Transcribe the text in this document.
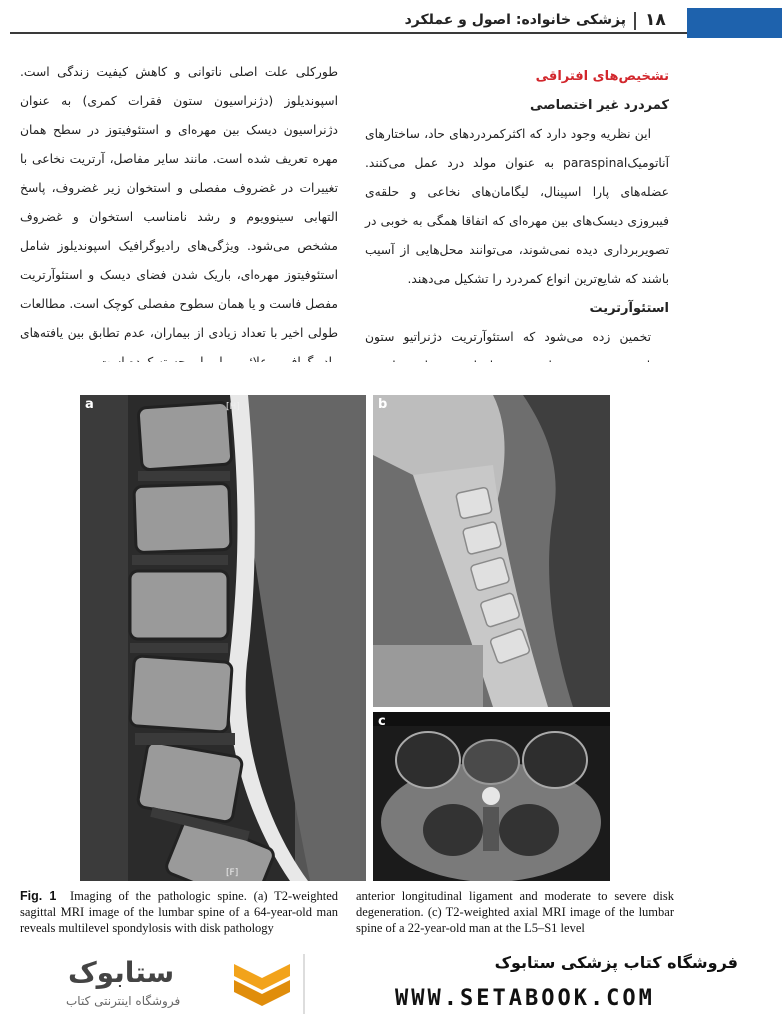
۱۸
پزشکی خانواده: اصول و عملکرد

تشخیص‌های افتراقی

کمردرد غیر اختصاصی

این نظریه وجود دارد که اکثرکمردردهای حاد، ساختارهای آناتومیکparaspinal به عنوان مولد درد عمل می‌کنند. عضله‌های پارا اسپینال، لیگامان‌های نخاعی و حلقه‌ی فیبروزی دیسک‌های بین مهره‌ای که اتفاقا همگی به خوبی در تصویربرداری دیده نمی‌شوند، می‌توانند محل‌هایی از آسیب باشند که شایع‌ترین انواع کمردرد را تشکیل می‌دهند.

استئوآرتریت

تخمین زده می‌شود که استئوآرتریت دژنراتیو ستون

طورکلی علت اصلی ناتوانی و کاهش کیفیت زندگی است. اسپوندیلوز (دژنراسیون ستون فقرات کمری) به عنوان دژنراسیون دیسک بین مهره‌ای و استئوفیتوز در سطح همان مهره تعریف شده است. مانند سایر مفاصل، آرتریت نخاعی با تغییرات در غضروف مفصلی و استخوان زیر غضروف، پاسخ التهابی سینوویوم و رشد نامناسب استخوان و غضروف مشخص می‌شود. ویژگی‌های رادیوگرافیک اسپوندیلوز شامل استئوفیتوز مهره‌ای، باریک شدن فضای دیسک و استئوآرتریت مفصل فاست و یا همان سطوح مفصلی کوچک است. مطالعات طولی اخیر با تعداد زیادی از بیماران، عدم تطابق بین یافته‌های

[H]
[F]
a	b
c
Fig. 1 Imaging of the pathologic spine. (a) T2-weighted sagittal MRI image of the lumbar spine of a 64-year-old man reveals multilevel spondylosis with disk pathology
anterior longitudinal ligament and moderate to severe disk degeneration. (c) T2-weighted axial MRI image of the lumbar spine of a 22-year-old man at the L5–S1 level
ستابوک
فروشگاه اینترنتی کتاب
فروشگاه کتاب پزشکی ستابوک
WWW.SETABOOK.COM
